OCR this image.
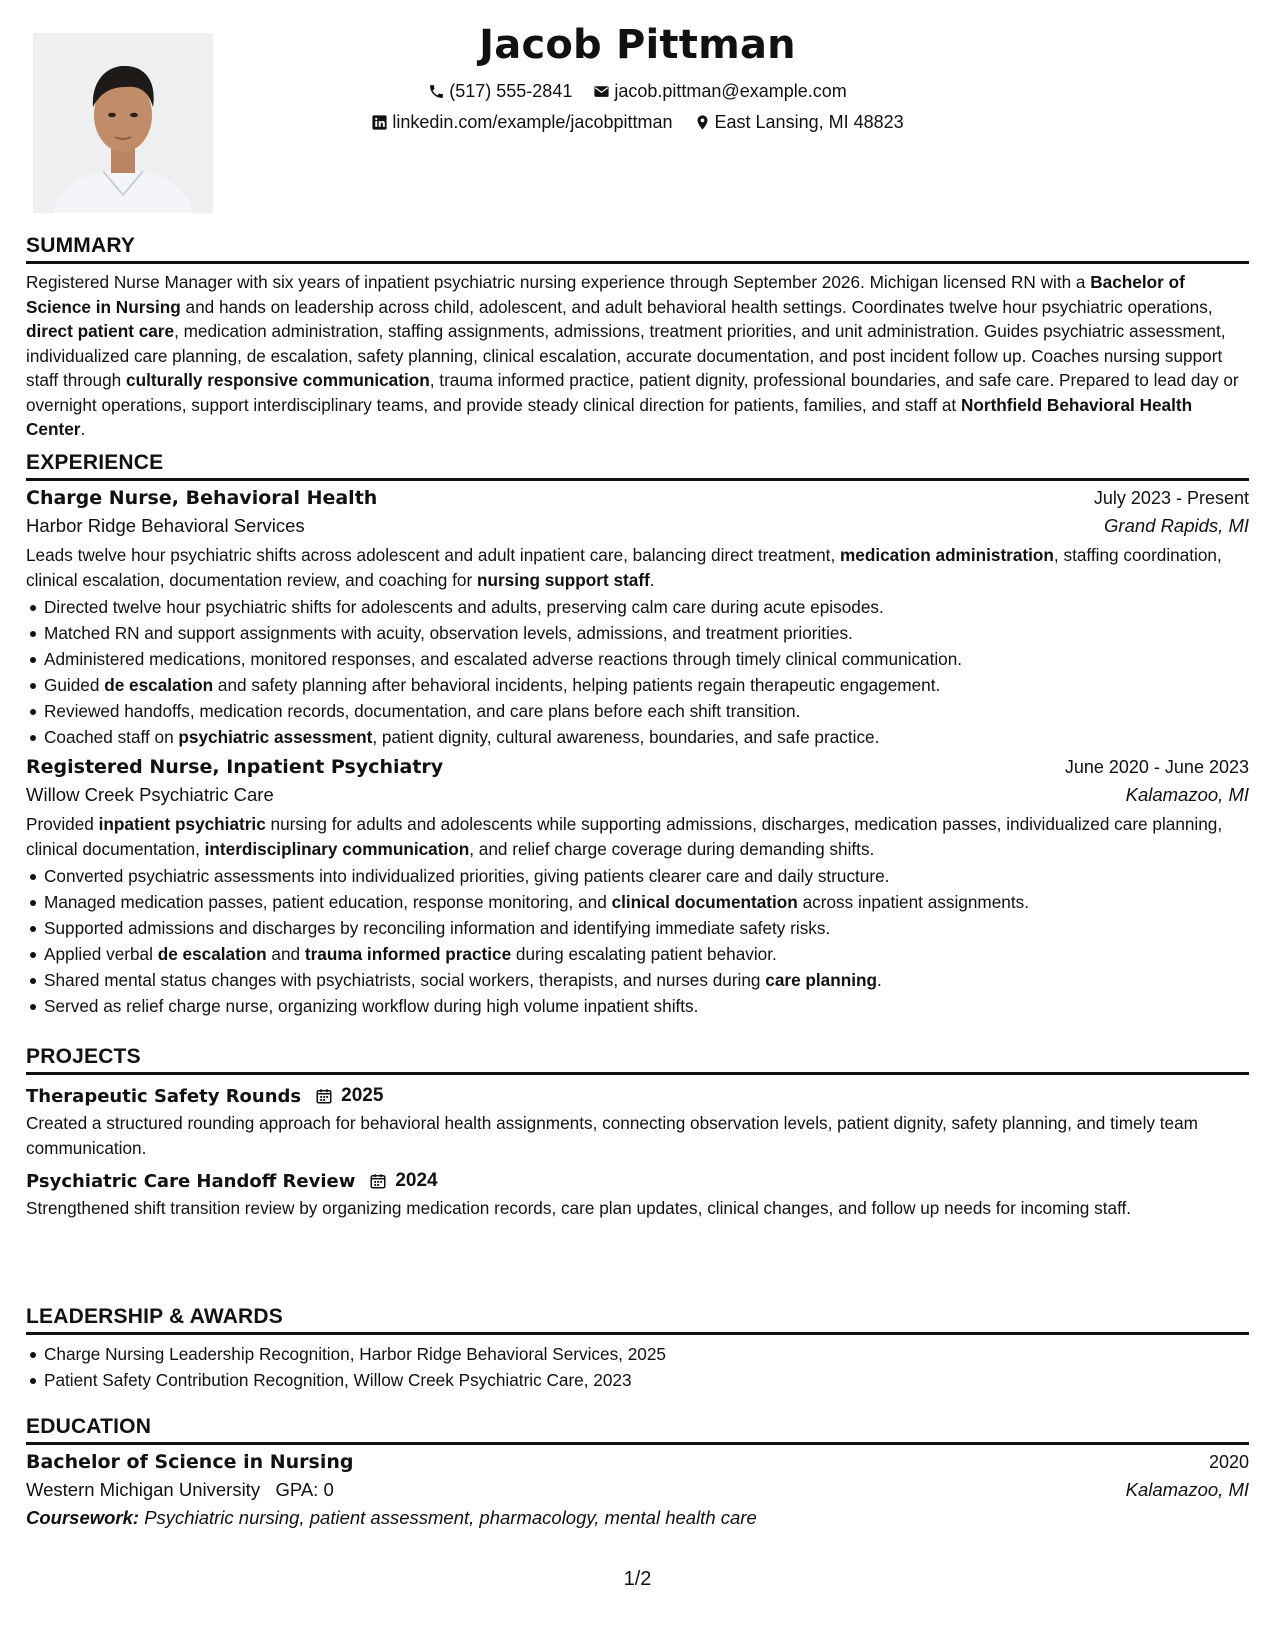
Jacob Pittman
(517) 555-2841
jacob.pittman@example.com
linkedin.com/example/jacobpittman
East Lansing, MI 48823
SUMMARY

Registered Nurse Manager with six years of inpatient psychiatric nursing experience through September 2026. Michigan licensed RN with a Bachelor of Science in Nursing and hands on leadership across child, adolescent, and adult behavioral health settings. Coordinates twelve hour psychiatric operations, direct patient care, medication administration, staffing assignments, admissions, treatment priorities, and unit administration. Guides psychiatric assessment, individualized care planning, de escalation, safety planning, clinical escalation, accurate documentation, and post incident follow up. Coaches nursing support staff through culturally responsive communication, trauma informed practice, patient dignity, professional boundaries, and safe care. Prepared to lead day or overnight operations, support interdisciplinary teams, and provide steady clinical direction for patients, families, and staff at Northfield Behavioral Health Center.

EXPERIENCE
Charge Nurse, Behavioral Health	July 2023 - Present
Harbor Ridge Behavioral Services	Grand Rapids, MI

Leads twelve hour psychiatric shifts across adolescent and adult inpatient care, balancing direct treatment, medication administration, staffing coordination, clinical escalation, documentation review, and coaching for nursing support staff.

Directed twelve hour psychiatric shifts for adolescents and adults, preserving calm care during acute episodes.
Matched RN and support assignments with acuity, observation levels, admissions, and treatment priorities.
Administered medications, monitored responses, and escalated adverse reactions through timely clinical communication.
Guided de escalation and safety planning after behavioral incidents, helping patients regain therapeutic engagement.
Reviewed handoffs, medication records, documentation, and care plans before each shift transition.
Coached staff on psychiatric assessment, patient dignity, cultural awareness, boundaries, and safe practice.
Registered Nurse, Inpatient Psychiatry	June 2020 - June 2023
Willow Creek Psychiatric Care	Kalamazoo, MI

Provided inpatient psychiatric nursing for adults and adolescents while supporting admissions, discharges, medication passes, individualized care planning, clinical documentation, interdisciplinary communication, and relief charge coverage during demanding shifts.

Converted psychiatric assessments into individualized priorities, giving patients clearer care and daily structure.
Managed medication passes, patient education, response monitoring, and clinical documentation across inpatient assignments.
Supported admissions and discharges by reconciling information and identifying immediate safety risks.
Applied verbal de escalation and trauma informed practice during escalating patient behavior.
Shared mental status changes with psychiatrists, social workers, therapists, and nurses during care planning.
Served as relief charge nurse, organizing workflow during high volume inpatient shifts.
PROJECTS
Therapeutic Safety Rounds 2025

Created a structured rounding approach for behavioral health assignments, connecting observation levels, patient dignity, safety planning, and timely team communication.

Psychiatric Care Handoff Review 2024

Strengthened shift transition review by organizing medication records, care plan updates, clinical changes, and follow up needs for incoming staff.

LEADERSHIP & AWARDS
Charge Nursing Leadership Recognition, Harbor Ridge Behavioral Services, 2025
Patient Safety Contribution Recognition, Willow Creek Psychiatric Care, 2023
EDUCATION
Bachelor of Science in Nursing	2020
Western Michigan University   GPA: 0	Kalamazoo, MI
Coursework: Psychiatric nursing, patient assessment, pharmacology, mental health care
1/2
